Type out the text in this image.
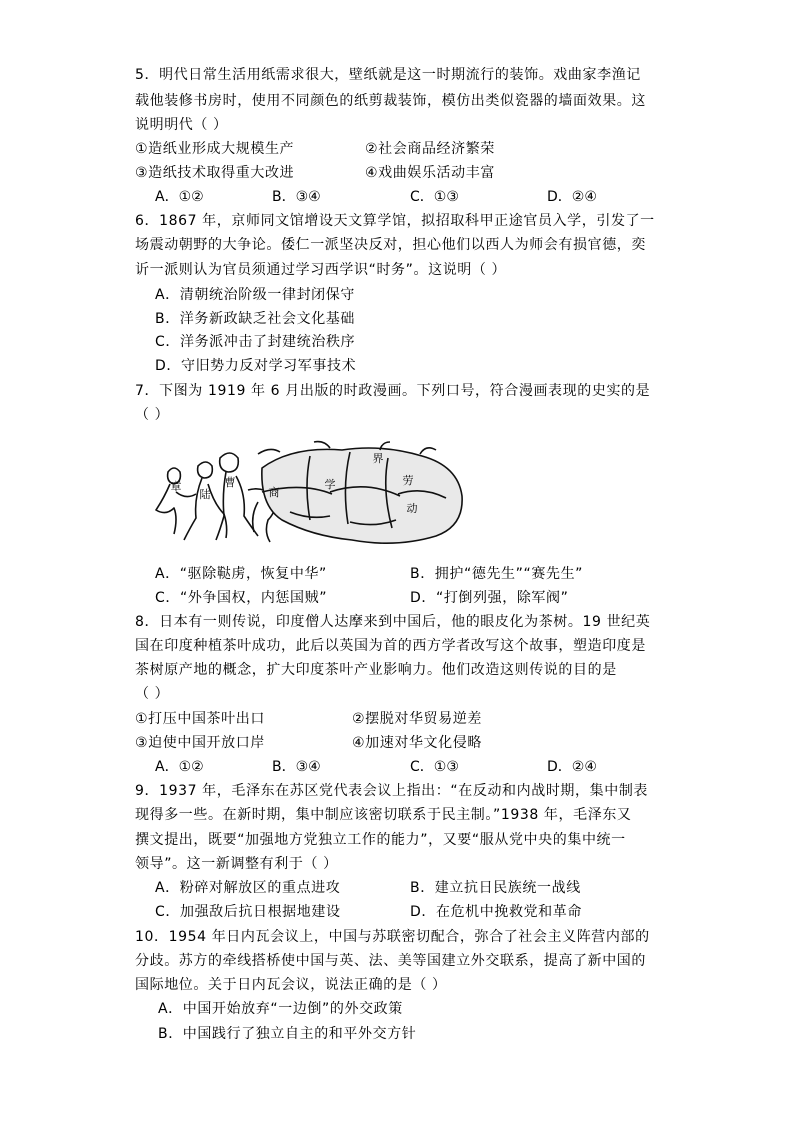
5．明代日常生活用纸需求很大，壁纸就是这一时期流行的装饰。戏曲家李渔记
载他装修书房时，使用不同颜色的纸剪裁装饰，模仿出类似瓷器的墙面效果。这
说明明代（ ）
①造纸业形成大规模生产	②社会商品经济繁荣
③造纸技术取得重大改进	④戏曲娱乐活动丰富
A．①②	B．③④	C．①③	D．②④
6．1867 年，京师同文馆增设天文算学馆，拟招取科甲正途官员入学，引发了一
场震动朝野的大争论。倭仁一派坚决反对，担心他们以西人为师会有损官德，奕
䜣一派则认为官员须通过学习西学识“时务”。这说明（ ）
A．清朝统治阶级一律封闭保守
B．洋务新政缺乏社会文化基础
C．洋务派冲击了封建统治秩序
D．守旧势力反对学习军事技术
7．下图为 1919 年 6 月出版的时政漫画。下列口号，符合漫画表现的史实的是
（ ）
章
陆
曹
商
学	劳
界
动
A．“驱除鞑虏，恢复中华”	B．拥护“德先生”“赛先生”
C．“外争国权，内惩国贼”	D．“打倒列强，除军阀”
8．日本有一则传说，印度僧人达摩来到中国后，他的眼皮化为茶树。19 世纪英
国在印度种植茶叶成功，此后以英国为首的西方学者改写这个故事，塑造印度是
茶树原产地的概念，扩大印度茶叶产业影响力。他们改造这则传说的目的是
（ ）
①打压中国茶叶出口	②摆脱对华贸易逆差
③迫使中国开放口岸	④加速对华文化侵略
A．①②	B．③④	C．①③	D．②④
9．1937 年，毛泽东在苏区党代表会议上指出：“在反动和内战时期，集中制表
现得多一些。在新时期，集中制应该密切联系于民主制。”1938 年，毛泽东又
撰文提出，既要“加强地方党独立工作的能力”，又要“服从党中央的集中统一
领导”。这一新调整有利于（ ）
A．粉碎对解放区的重点进攻	B．建立抗日民族统一战线
C．加强敌后抗日根据地建设	D．在危机中挽救党和革命
10．1954 年日内瓦会议上，中国与苏联密切配合，弥合了社会主义阵营内部的
分歧。苏方的牵线搭桥使中国与英、法、美等国建立外交联系，提高了新中国的
国际地位。关于日内瓦会议，说法正确的是（ ）
A．中国开始放弃“一边倒”的外交政策
B．中国践行了独立自主的和平外交方针
